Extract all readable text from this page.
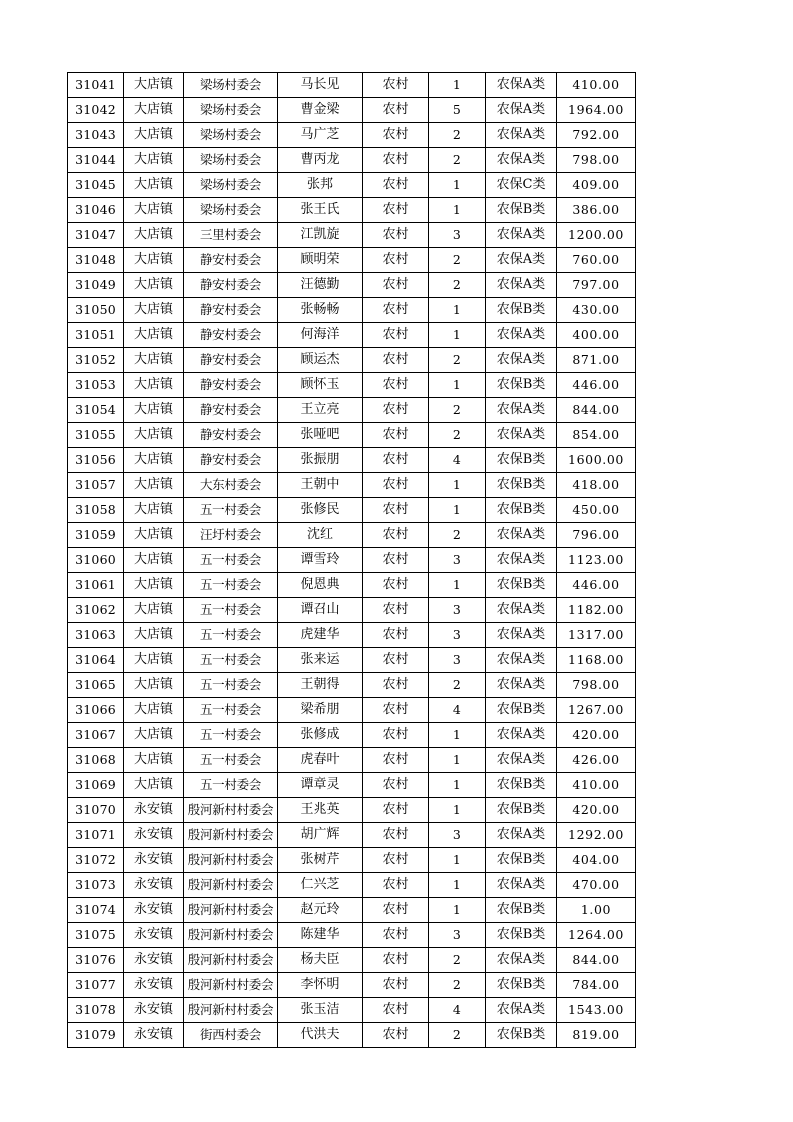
31041	大店镇	梁场村委会	马长见	农村	1	农保A类	410.00
31042	大店镇	梁场村委会	曹金梁	农村	5	农保A类	1964.00
31043	大店镇	梁场村委会	马广芝	农村	2	农保A类	792.00
31044	大店镇	梁场村委会	曹丙龙	农村	2	农保A类	798.00
31045	大店镇	梁场村委会	张邦	农村	1	农保C类	409.00
31046	大店镇	梁场村委会	张王氏	农村	1	农保B类	386.00
31047	大店镇	三里村委会	江凯旋	农村	3	农保A类	1200.00
31048	大店镇	静安村委会	顾明荣	农村	2	农保A类	760.00
31049	大店镇	静安村委会	汪德勤	农村	2	农保A类	797.00
31050	大店镇	静安村委会	张畅畅	农村	1	农保B类	430.00
31051	大店镇	静安村委会	何海洋	农村	1	农保A类	400.00
31052	大店镇	静安村委会	顾运杰	农村	2	农保A类	871.00
31053	大店镇	静安村委会	顾怀玉	农村	1	农保B类	446.00
31054	大店镇	静安村委会	王立亮	农村	2	农保A类	844.00
31055	大店镇	静安村委会	张哑吧	农村	2	农保A类	854.00
31056	大店镇	静安村委会	张振朋	农村	4	农保B类	1600.00
31057	大店镇	大东村委会	王朝中	农村	1	农保B类	418.00
31058	大店镇	五一村委会	张修民	农村	1	农保B类	450.00
31059	大店镇	汪圩村委会	沈红	农村	2	农保A类	796.00
31060	大店镇	五一村委会	谭雪玲	农村	3	农保A类	1123.00
31061	大店镇	五一村委会	倪恩典	农村	1	农保B类	446.00
31062	大店镇	五一村委会	谭召山	农村	3	农保A类	1182.00
31063	大店镇	五一村委会	虎建华	农村	3	农保A类	1317.00
31064	大店镇	五一村委会	张来运	农村	3	农保A类	1168.00
31065	大店镇	五一村委会	王朝得	农村	2	农保A类	798.00
31066	大店镇	五一村委会	梁希朋	农村	4	农保B类	1267.00
31067	大店镇	五一村委会	张修成	农村	1	农保A类	420.00
31068	大店镇	五一村委会	虎春叶	农村	1	农保A类	426.00
31069	大店镇	五一村委会	谭章灵	农村	1	农保B类	410.00
31070	永安镇	殷河新村村委会	王兆英	农村	1	农保B类	420.00
31071	永安镇	殷河新村村委会	胡广辉	农村	3	农保A类	1292.00
31072	永安镇	殷河新村村委会	张树芹	农村	1	农保B类	404.00
31073	永安镇	殷河新村村委会	仁兴芝	农村	1	农保A类	470.00
31074	永安镇	殷河新村村委会	赵元玲	农村	1	农保B类	1.00
31075	永安镇	殷河新村村委会	陈建华	农村	3	农保B类	1264.00
31076	永安镇	殷河新村村委会	杨夫臣	农村	2	农保A类	844.00
31077	永安镇	殷河新村村委会	李怀明	农村	2	农保B类	784.00
31078	永安镇	殷河新村村委会	张玉洁	农村	4	农保A类	1543.00
31079	永安镇	街西村委会	代洪夫	农村	2	农保B类	819.00
